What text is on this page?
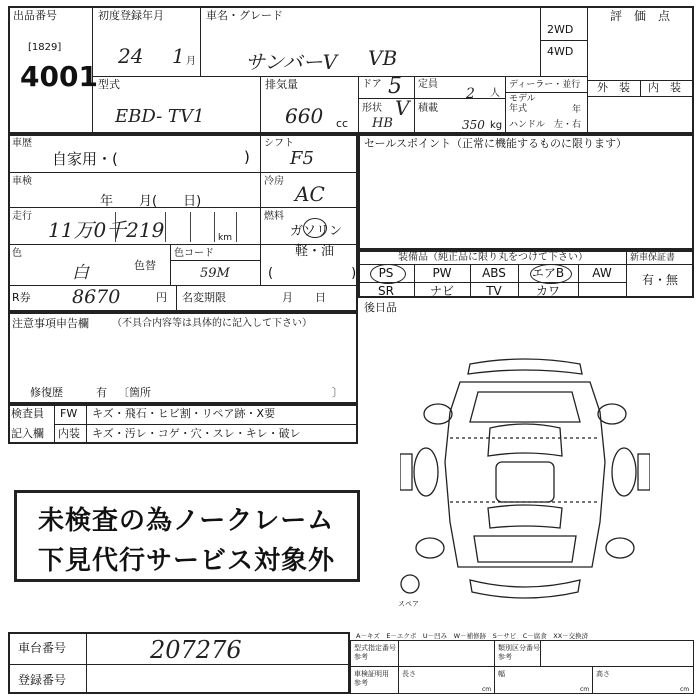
出品番号
[1829]
4001
初度登録年月
24 1 月
車名・グレード
サンバーV VB
2WD
4WD
評　価　点
型式
EBD- TV1
排気量
660 cc
ドア 5
形状 V
HB
定員
2 人
積載
350 kg
ディーラー・並行
モデル
年式	年
ハンドル　左・右
外　装 内　装
車歴
自家用・(	)
シフト
F5
車検
年　　月(　　日)
冷房
AC
走行
11万0千219	km
燃料
ガソリン
軽・油
(　　　　　　)
色
白	色替
色コード
59M
R券 8670	円 名変期限	月　　日
セールスポイント（正常に機能するものに限ります）
装備品（純正品に限り丸をつけて下さい）	新車保証書
有・無
PS	PW	ABS	エアB	AW
SR	ナビ	TV	カワ
後日品
注意事項申告欄 （不具合内容等は具体的に記入して下さい）
修復歴	有 〔箇所	〕
検査員
記入欄
FW キズ・飛石・ヒビ割・リペア跡・X要
内装 キズ・汚レ・コゲ・穴・スレ・キレ・破レ
未検査の為ノークレーム
下見代行サービス対象外
スペア
車台番号	207276
登録番号
A－キズ　E－エクボ　U－凹み　W－補修跡　S－サビ　C－腐食　XX－交換済
型式指定番号
参考
類別区分番号
参考
車検証明用
参考
長さ	幅	高さ
cm	cm	cm
